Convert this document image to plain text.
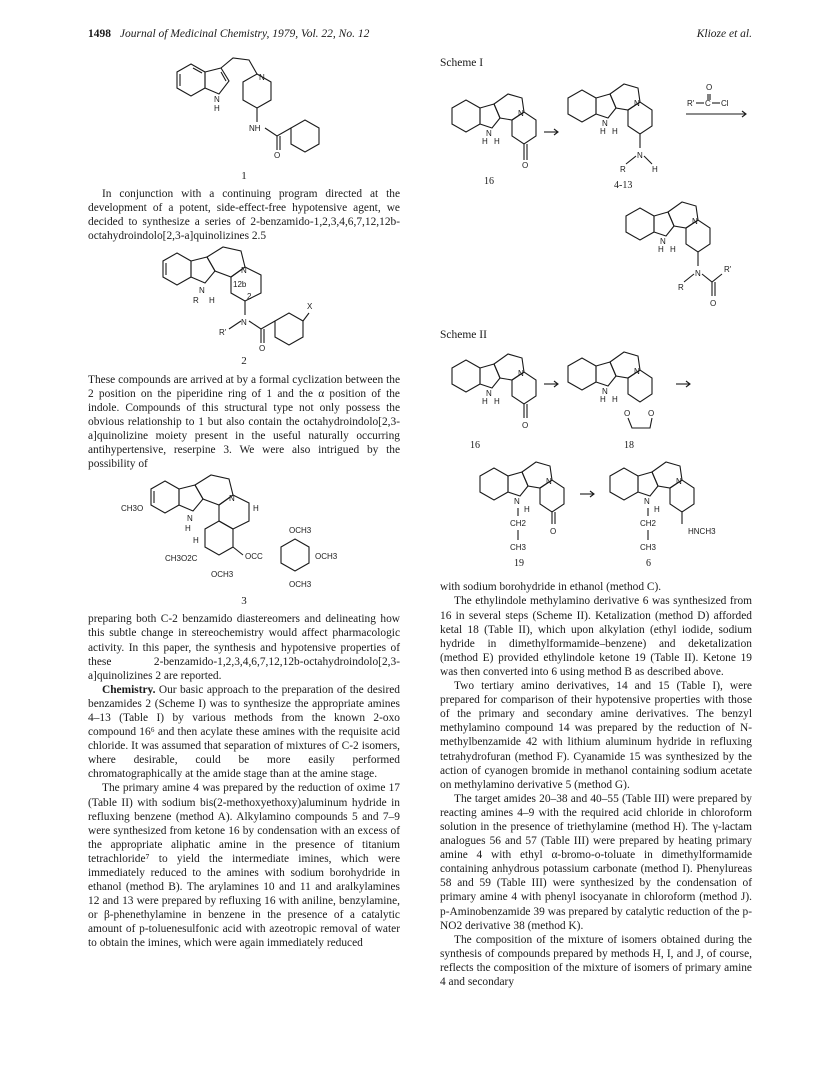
1498 Journal of Medicinal Chemistry, 1979, Vol. 22, No. 12	Klioze et al.
N
H
N
NH
O
1

In conjunction with a continuing program directed at the development of a potent, side-effect-free hypotensive agent, we decided to synthesize a series of 2-benzamido-1,2,3,4,6,7,12,12b-octahydroindolo[2,3-a]quinolizines 2.5

N
N
R H
12b
2
N
R'
O
X
2

These compounds are arrived at by a formal cyclization between the 2 position on the piperidine ring of 1 and the α position of the indole. Compounds of this structural type not only possess the obvious relationship to 1 but also contain the octahydroindolo[2,3-a]quinolizine moiety present in the useful naturally occurring antihypertensive, reserpine 3. We were also intrigued by the possibility of

CH3O
N
H
N
H
H
CH3O2C
OCH3
OCC
OCH3
OCH3
OCH3
3

preparing both C-2 benzamido diastereomers and delineating how this subtle change in stereochemistry would affect pharmacologic activity. In this paper, the synthesis and hypotensive properties of these 2-benzamido-1,2,3,4,6,7,12,12b-octahydroindolo[2,3-a]quinolizines 2 are reported.

Chemistry. Our basic approach to the preparation of the desired benzamides 2 (Scheme I) was to synthesize the appropriate amines 4–13 (Table I) by various methods from the known 2-oxo compound 16⁶ and then acylate these amines with the requisite acid chloride. It was assumed that separation of mixtures of C-2 isomers, where desirable, could be more easily performed chromatographically at the amide stage than at the amine stage.

The primary amine 4 was prepared by the reduction of oxime 17 (Table II) with sodium bis(2-methoxyethoxy)aluminum hydride in refluxing benzene (method A). Alkylamino compounds 5 and 7–9 were synthesized from ketone 16 by condensation with an excess of the appropriate aliphatic amine in the presence of titanium tetrachloride⁷ to yield the intermediate imines, which were immediately reduced to the amines with sodium borohydride in ethanol (method B). The arylamines 10 and 11 and aralkylamines 12 and 13 were prepared by refluxing 16 with aniline, benzylamine, or β-phenethylamine in benzene in the presence of a catalytic amount of p-toluenesulfonic acid with azeotropic removal of water to obtain the imines, which were again immediately reduced

Scheme I
N
O
N
H H
16
N
N
H H
N
R	H
4-13
R' C
O
Cl
N
N
H H
N
R
R'
O
Scheme II
N
O
N
H H
16
N
N
H H
O O
18
N
O
N
H
CH2
CH3
19
N
HNCH3
N
H
CH2
CH3
6

with sodium borohydride in ethanol (method C).

The ethylindole methylamino derivative 6 was synthesized from 16 in several steps (Scheme II). Ketalization (method D) afforded ketal 18 (Table II), which upon alkylation (ethyl iodide, sodium hydride in dimethylformamide–benzene) and deketalization (method E) provided ethylindole ketone 19 (Table II). Ketone 19 was then converted into 6 using method B as described above.

Two tertiary amino derivatives, 14 and 15 (Table I), were prepared for comparison of their hypotensive properties with those of the primary and secondary amine derivatives. The benzyl methylamino compound 14 was prepared by the reduction of N-methylbenzamide 42 with lithium aluminum hydride in refluxing tetrahydrofuran (method F). Cyanamide 15 was synthesized by the action of cyanogen bromide in methanol containing sodium acetate on methylamino derivative 5 (method G).

The target amides 20–38 and 40–55 (Table III) were prepared by reacting amines 4–9 with the required acid chloride in chloroform solution in the presence of triethylamine (method H). The γ-lactam analogues 56 and 57 (Table III) were prepared by heating primary amine 4 with ethyl α-bromo-o-toluate in dimethylformamide containing anhydrous potassium carbonate (method I). Phenylureas 58 and 59 (Table III) were synthesized by the condensation of primary amine 4 with phenyl isocyanate in chloroform (method J). p-Aminobenzamide 39 was prepared by catalytic reduction of the p-NO2 derivative 38 (method K).

The composition of the mixture of isomers obtained during the synthesis of compounds prepared by methods H, I, and J, of course, reflects the composition of the mixture of isomers of primary amine 4 and secondary
